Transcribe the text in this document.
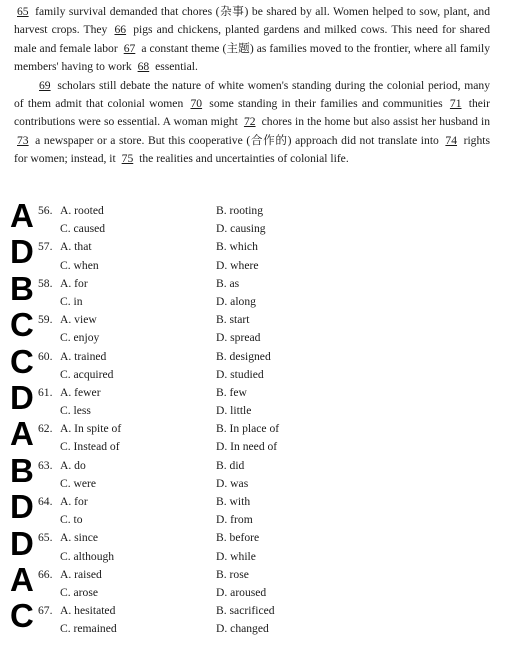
65 family survival demanded that chores (杂事) be shared by all. Women helped to sow, plant, and harvest crops. They 66 pigs and chickens, planted gardens and milked cows. This need for shared male and female labor 67 a constant theme (主题) as families moved to the frontier, where all family members' having to work 68 essential.

69 scholars still debate the nature of white women's standing during the colonial period, many of them admit that colonial women 70 some standing in their families and communities 71 their contributions were so essential. A woman might 72 chores in the home but also assist her husband in 73 a newspaper or a store. But this cooperative (合作的) approach did not translate into 74 rights for women; instead, it 75 the realities and uncertainties of colonial life.

56. A. rooted	B. rooting
C. caused	D. causing
A
57. A. that	B. which
C. when	D. where
D
58. A. for	B. as
C. in	D. along
B
59. A. view	B. start
C. enjoy	D. spread
C
60. A. trained	B. designed
C. acquired	D. studied
C
61. A. fewer	B. few
C. less	D. little
D
62. A. In spite of	B. In place of
C. Instead of	D. In need of
A
63. A. do	B. did
C. were	D. was
B
64. A. for	B. with
C. to	D. from
D
65. A. since	B. before
C. although	D. while
D
66. A. raised	B. rose
C. arose	D. aroused
A
67. A. hesitated	B. sacrificed
C. remained	D. changed
C
